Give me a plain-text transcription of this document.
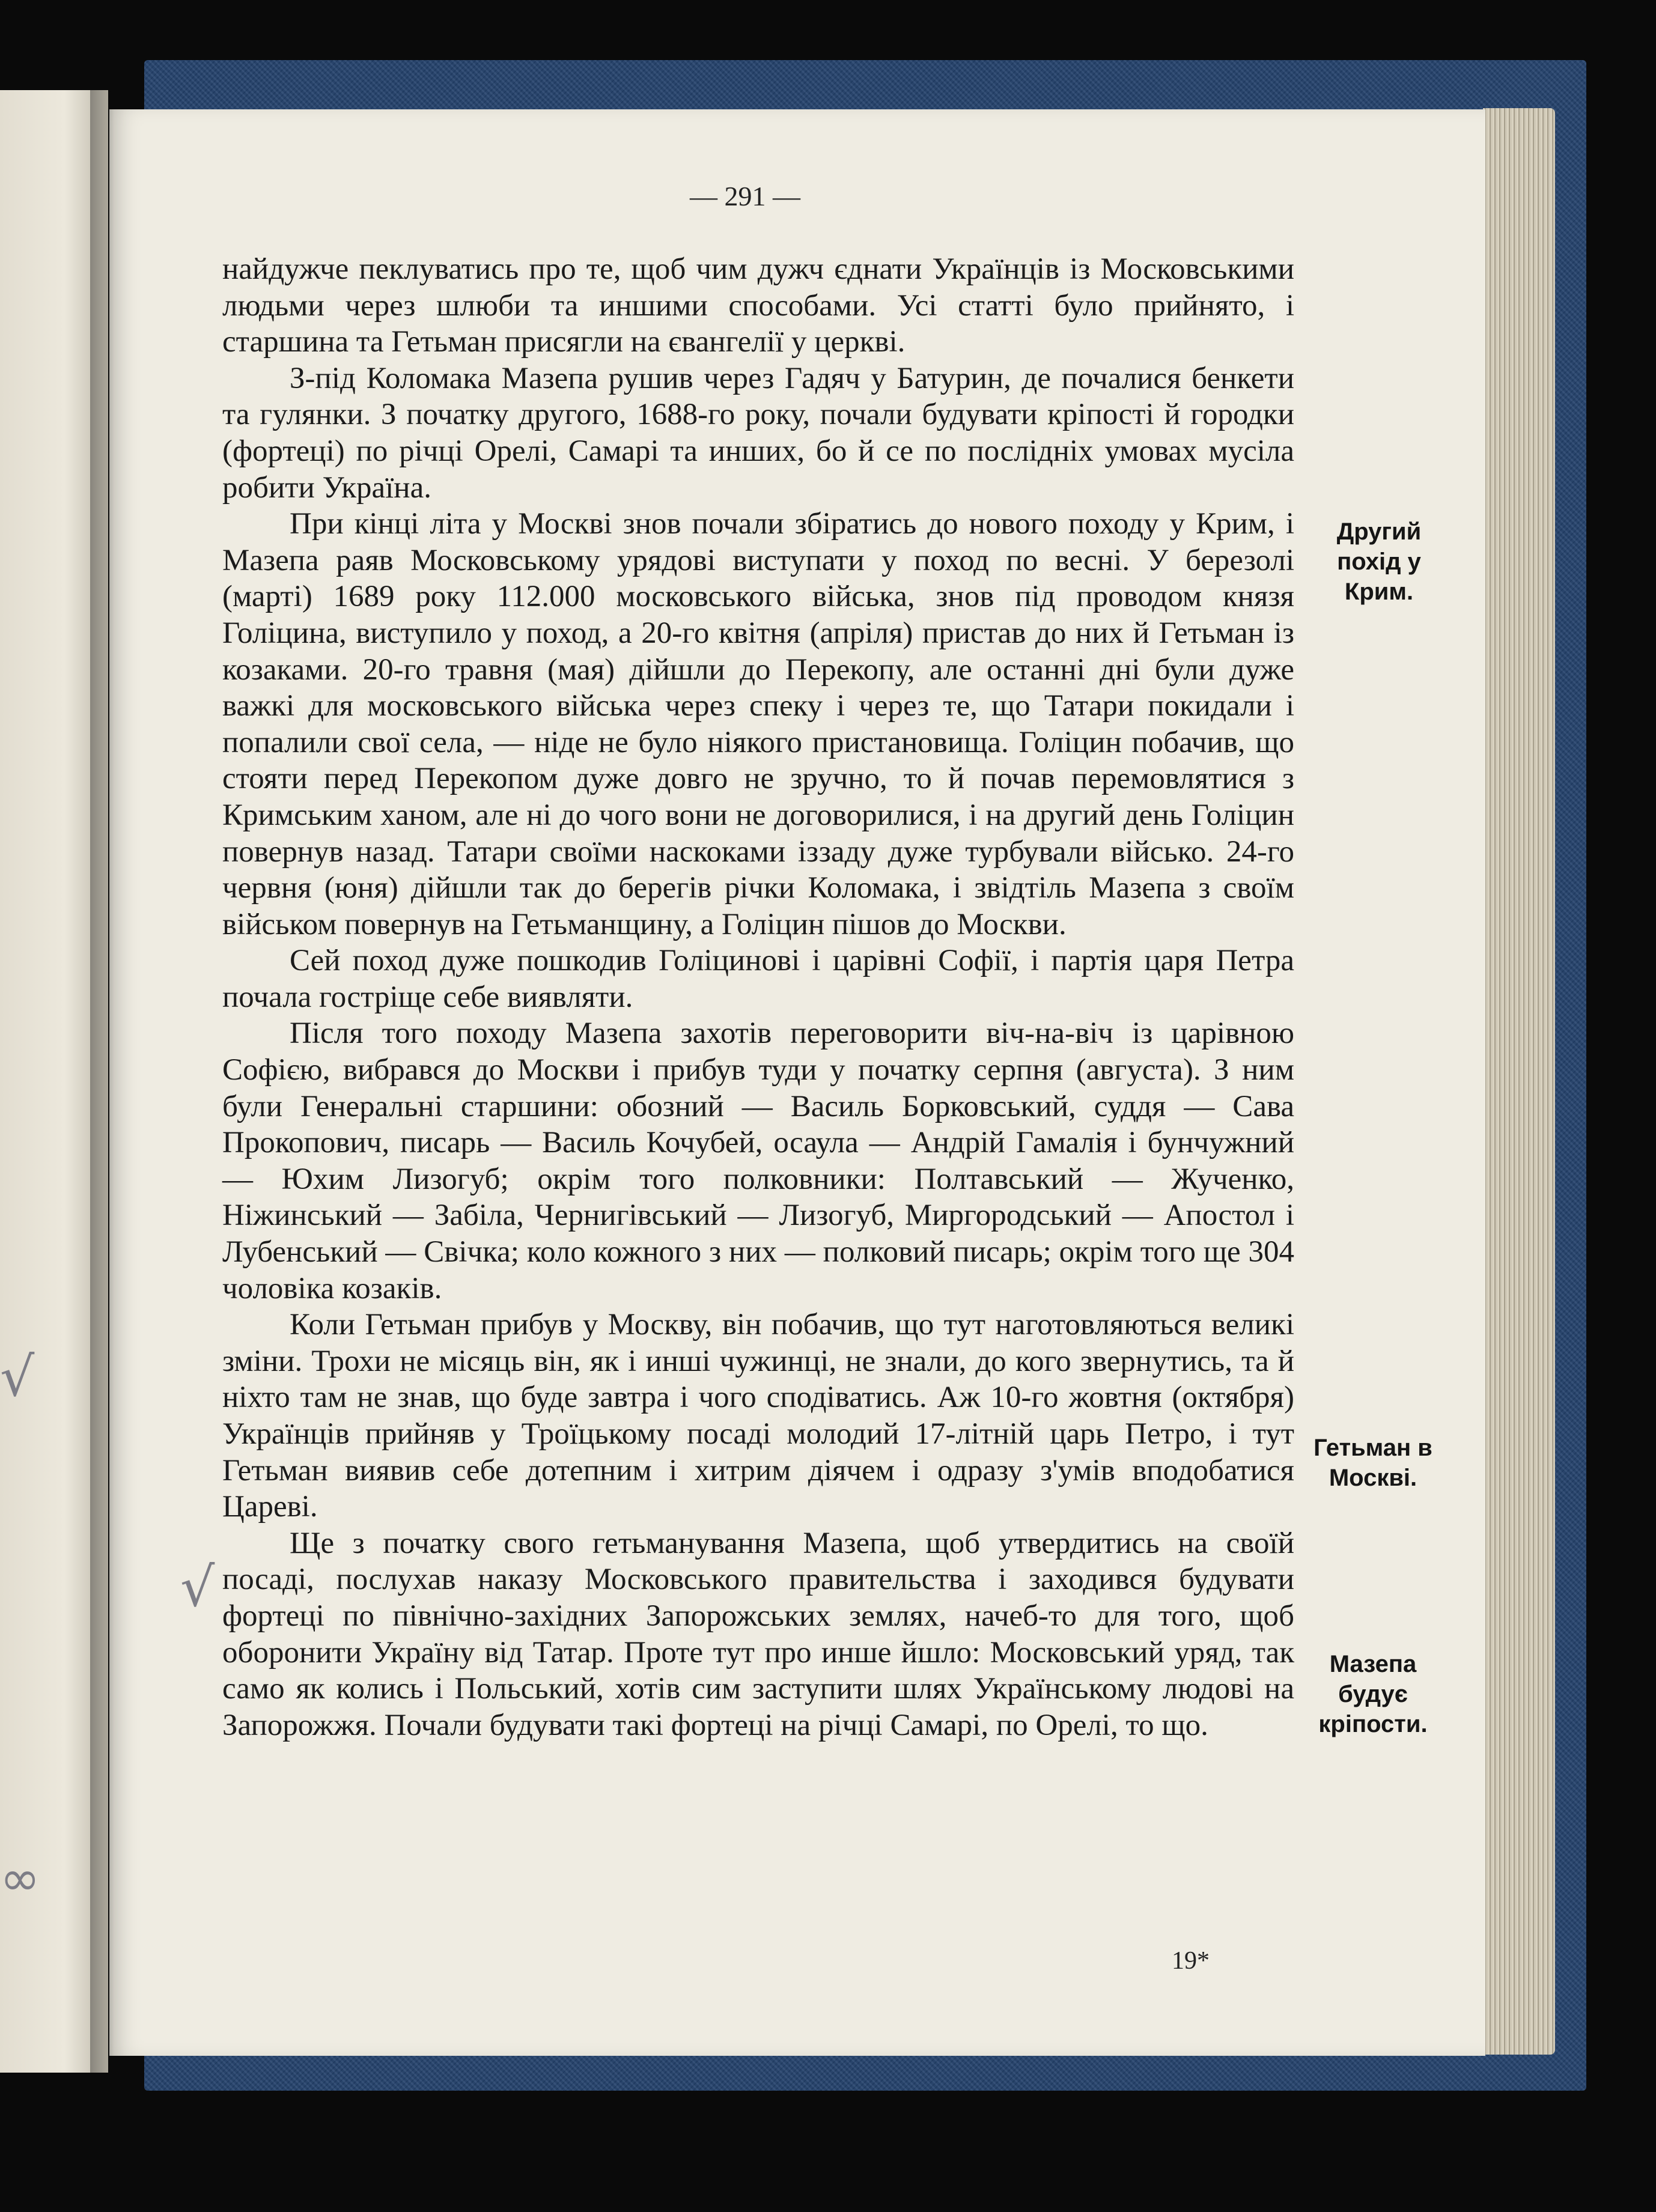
— 291 —

найдужче пеклуватись про те, щоб чим дужч єднати Українців із Московськими людьми через шлюби та иншими способами. Усі статті було прийнято, і старшина та Гетьман присягли на євангелії у церкві.

З-під Коломака Мазепа рушив через Гадяч у Батурин, де почалися бенкети та гулянки. З початку другого, 1688-го року, почали будувати кріпості й городки (фортеці) по річці Орелі, Самарі та инших, бо й се по послідніх умовах мусіла робити Україна.

При кінці літа у Москві знов почали збіратись до нового походу у Крим, і Мазепа раяв Московському урядові виступати у поход по весні. У березолі (марті) 1689 року 112.000 московського війська, знов під проводом князя Голіцина, виступило у поход, а 20-го квітня (апріля) пристав до них й Гетьман із козаками. 20-го травня (мая) дійшли до Перекопу, але останні дні були дуже важкі для московського війська через спеку і через те, що Татари покидали і попалили свої села, — ніде не було ніякого пристановища. Голіцин побачив, що стояти перед Перекопом дуже довго не зручно, то й почав перемовлятися з Кримським ханом, але ні до чого вони не договорилися, і на другий день Голіцин повернув назад. Татари своїми наскоками іззаду дуже турбували військо. 24-го червня (юня) дійшли так до берегів річки Коломака, і звідтіль Мазепа з своїм військом повернув на Гетьманщину, а Голіцин пішов до Москви.

Сей поход дуже пошкодив Голіцинові і царівні Софії, і партія царя Петра почала гостріще себе виявляти.

Після того походу Мазепа захотів переговорити віч-на-віч із царівною Софією, вибрався до Москви і прибув туди у початку серпня (авгуcта). З ним були Генеральні старшини: обозний — Василь Борковський, суддя — Сава Прокопович, писарь — Василь Кочубей, осаула — Андрій Гамалія і бунчужний — Юхим Лизогуб; окрім того полковники: Полтавський — Жученко, Ніжинський — Забіла, Чернигівський — Лизогуб, Миргородський — Апостол і Лубенський — Свічка; коло кожного з них — полковий писарь; окрім того ще 304 чоловіка козаків.

Коли Гетьман прибув у Москву, він побачив, що тут наготовляються великі зміни. Трохи не місяць він, як і инші чужинці, не знали, до кого звернутись, та й ніхто там не знав, що буде завтра і чого сподіватись. Аж 10-го жовтня (октября) Українців прийняв у Троїцькому посаді молодий 17-літній царь Петро, і тут Гетьман виявив себе дотепним і хитрим діячем і одразу з'умів вподобатися Цареві.

Ще з початку свого гетьманування Мазепа, щоб утвердитись на своїй посаді, послухав наказу Московського правительства і заходився будувати фортеці по північно-західних Запорожських землях, начеб-то для того, щоб оборонити Україну від Татар. Проте тут про инше йшло: Московський уряд, так само як колись і Польський, хотів сим заступити шлях Українському людові на Запорожжя. Почали будувати такі фортеці на річці Самарі, по Орелі, то що.

Другий похід у Крим.
Гетьман в Москві.
Мазепа будує кріпости.
19*
√
√
∞
